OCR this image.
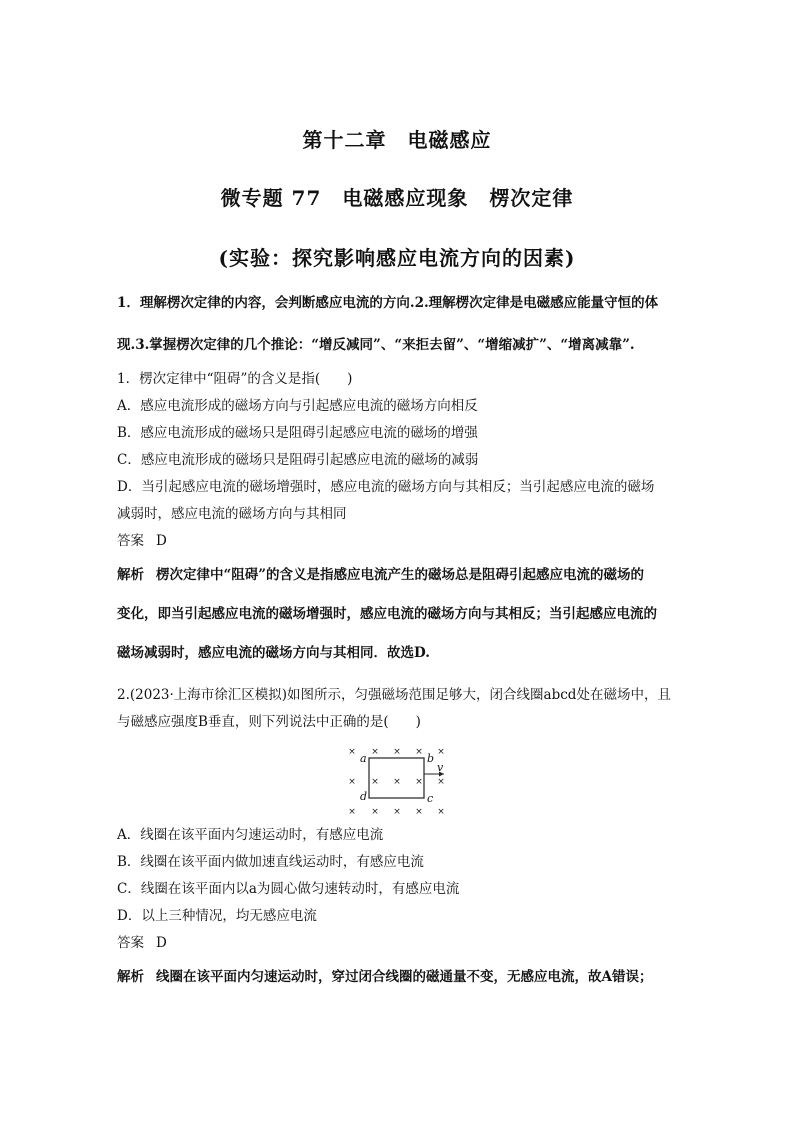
第十二章　电磁感应
微专题 77　电磁感应现象　楞次定律
(实验：探究影响感应电流方向的因素)
1．理解楞次定律的内容，会判断感应电流的方向.2.理解楞次定律是电磁感应能量守恒的体
现.3.掌握楞次定律的几个推论：“增反减同”、“来拒去留”、“增缩减扩”、“增离减靠”.
1．楞次定律中“阻碍”的含义是指(　　)
A．感应电流形成的磁场方向与引起感应电流的磁场方向相反
B．感应电流形成的磁场只是阻碍引起感应电流的磁场的增强
C．感应电流形成的磁场只是阻碍引起感应电流的磁场的减弱
D．当引起感应电流的磁场增强时，感应电流的磁场方向与其相反；当引起感应电流的磁场
减弱时，感应电流的磁场方向与其相同
答案 D
解析 楞次定律中“阻碍”的含义是指感应电流产生的磁场总是阻碍引起感应电流的磁场的
变化，即当引起感应电流的磁场增强时，感应电流的磁场方向与其相反；当引起感应电流的
磁场减弱时，感应电流的磁场方向与其相同．故选D.
2.(2023·上海市徐汇区模拟)如图所示，匀强磁场范围足够大，闭合线圈abcd处在磁场中，且
与磁感应强度B垂直，则下列说法中正确的是(　　)
× × × × ×
× × × × ×
× × × × ×
a	b
c
d
v
A．线圈在该平面内匀速运动时，有感应电流
B．线圈在该平面内做加速直线运动时，有感应电流
C．线圈在该平面内以a为圆心做匀速转动时，有感应电流
D．以上三种情况，均无感应电流
答案 D
解析 线圈在该平面内匀速运动时，穿过闭合线圈的磁通量不变，无感应电流，故A错误；
